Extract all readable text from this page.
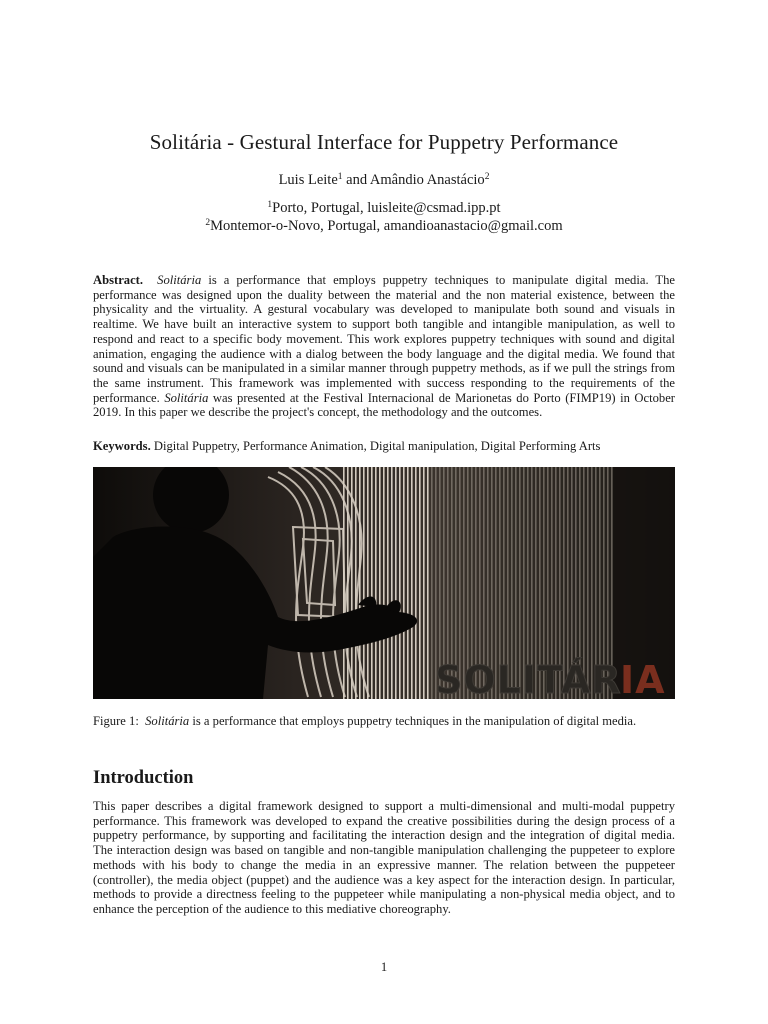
Solitária - Gestural Interface for Puppetry Performance
Luis Leite$^1$ and Amândio Anastácio$^2$
$^1$Porto, Portugal, luisleite@csmad.ipp.pt
$^2$Montemor-o-Novo, Portugal, amandioanastacio@gmail.com
Abstract. Solitária is a performance that employs puppetry techniques to manipulate digital media. The performance was designed upon the duality between the material and the non material existence, between the physicality and the virtuality. A gestural vocabulary was developed to manipulate both sound and visuals in realtime. We have built an interactive system to support both tangible and intangible manipulation, as well to respond and react to a specific body movement. This work explores puppetry techniques with sound and digital animation, engaging the audience with a dialog between the body language and the digital media. We found that sound and visuals can be manipulated in a similar manner through puppetry methods, as if we pull the strings from the same instrument. This framework was implemented with success responding to the requirements of the performance. Solitária was presented at the Festival Internacional de Marionetas do Porto (FIMP19) in October 2019. In this paper we describe the project's concept, the methodology and the outcomes.
Keywords. Digital Puppetry, Performance Animation, Digital manipulation, Digital Performing Arts
SOLITÁR
IA
Figure 1: Solitária is a performance that employs puppetry techniques in the manipulation of digital media.
Introduction
This paper describes a digital framework designed to support a multi-dimensional and multi-modal puppetry performance. This framework was developed to expand the creative possibilities during the design process of a puppetry performance, by supporting and facilitating the interaction design and the integration of digital media. The interaction design was based on tangible and non-tangible manipulation challenging the puppeteer to explore methods with his body to change the media in an expressive manner. The relation between the puppeteer (controller), the media object (puppet) and the audience was a key aspect for the interaction design. In particular, methods to provide a directness feeling to the puppeteer while manipulating a non-physical media object, and to enhance the perception of the audience to this mediative choreography.
1
